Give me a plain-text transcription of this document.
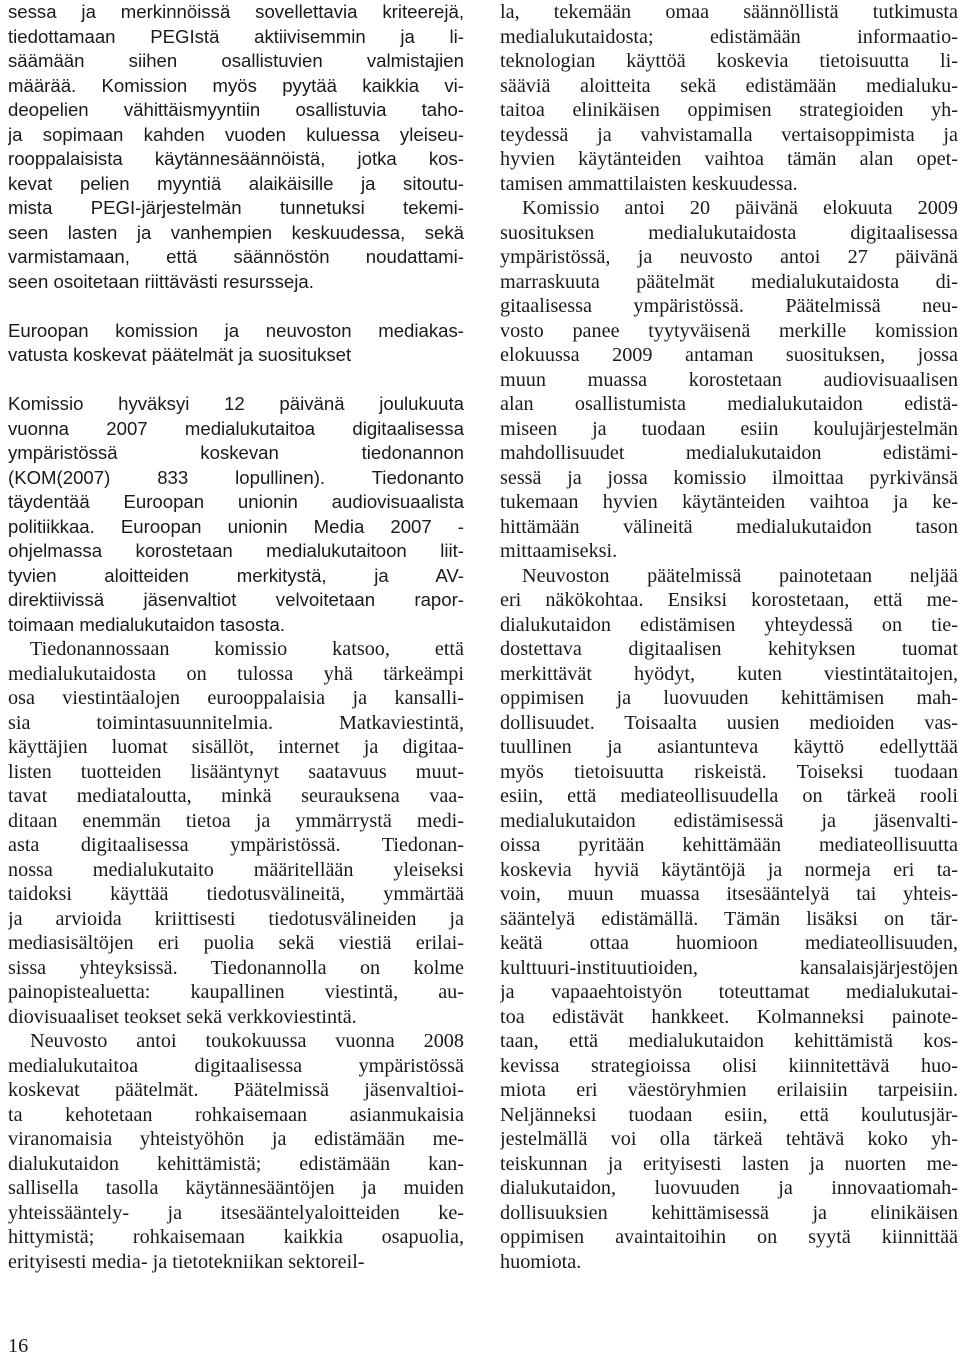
sessa ja merkinnöissä sovellettavia kriteerejä,
tiedottamaan PEGIstä aktiivisemmin ja li-
säämään siihen osallistuvien valmistajien
määrää. Komission myös pyytää kaikkia vi-
deopelien vähittäismyyntiin osallistuvia taho-
ja sopimaan kahden vuoden kuluessa yleiseu-
rooppalaisista käytännesäännöistä, jotka kos-
kevat pelien myyntiä alaikäisille ja sitoutu-
mista PEGI-järjestelmän tunnetuksi tekemi-
seen lasten ja vanhempien keskuudessa, sekä
varmistamaan, että säännöstön noudattami-
seen osoitetaan riittävästi resursseja.
Euroopan komission ja neuvoston mediakas-
vatusta koskevat päätelmät ja suositukset
Komissio hyväksyi 12 päivänä joulukuuta
vuonna 2007 medialukutaitoa digitaalisessa
ympäristössä koskevan tiedonannon
(KOM(2007) 833 lopullinen). Tiedonanto
täydentää Euroopan unionin audiovisuaalista
politiikkaa. Euroopan unionin Media 2007 -
ohjelmassa korostetaan medialukutaitoon liit-
tyvien aloitteiden merkitystä, ja AV-
direktiivissä jäsenvaltiot velvoitetaan rapor-
toimaan medialukutaidon tasosta.
Tiedonannossaan komissio katsoo, että
medialukutaidosta on tulossa yhä tärkeämpi
osa viestintäalojen eurooppalaisia ja kansalli-
sia toimintasuunnitelmia. Matkaviestintä,
käyttäjien luomat sisällöt, internet ja digitaa-
listen tuotteiden lisääntynyt saatavuus muut-
tavat mediataloutta, minkä seurauksena vaa-
ditaan enemmän tietoa ja ymmärrystä medi-
asta digitaalisessa ympäristössä. Tiedonan-
nossa medialukutaito määritellään yleiseksi
taidoksi käyttää tiedotusvälineitä, ymmärtää
ja arvioida kriittisesti tiedotusvälineiden ja
mediasisältöjen eri puolia sekä viestiä erilai-
sissa yhteyksissä. Tiedonannolla on kolme
painopistealuetta: kaupallinen viestintä, au-
diovisuaaliset teokset sekä verkkoviestintä.
Neuvosto antoi toukokuussa vuonna 2008
medialukutaitoa digitaalisessa ympäristössä
koskevat päätelmät. Päätelmissä jäsenvaltioi-
ta kehotetaan rohkaisemaan asianmukaisia
viranomaisia yhteistyöhön ja edistämään me-
dialukutaidon kehittämistä; edistämään kan-
sallisella tasolla käytännesääntöjen ja muiden
yhteissääntely- ja itsesääntelyaloitteiden ke-
hittymistä; rohkaisemaan kaikkia osapuolia,
erityisesti media- ja tietotekniikan sektoreil-
la, tekemään omaa säännöllistä tutkimusta
medialukutaidosta; edistämään informaatio-
teknologian käyttöä koskevia tietoisuutta li-
sääviä aloitteita sekä edistämään medialuku-
taitoa elinikäisen oppimisen strategioiden yh-
teydessä ja vahvistamalla vertaisoppimista ja
hyvien käytänteiden vaihtoa tämän alan opet-
tamisen ammattilaisten keskuudessa.
Komissio antoi 20 päivänä elokuuta 2009
suosituksen medialukutaidosta digitaalisessa
ympäristössä, ja neuvosto antoi 27 päivänä
marraskuuta päätelmät medialukutaidosta di-
gitaalisessa ympäristössä. Päätelmissä neu-
vosto panee tyytyväisenä merkille komission
elokuussa 2009 antaman suosituksen, jossa
muun muassa korostetaan audiovisuaalisen
alan osallistumista medialukutaidon edistä-
miseen ja tuodaan esiin koulujärjestelmän
mahdollisuudet medialukutaidon edistämi-
sessä ja jossa komissio ilmoittaa pyrkivänsä
tukemaan hyvien käytänteiden vaihtoa ja ke-
hittämään välineitä medialukutaidon tason
mittaamiseksi.
Neuvoston päätelmissä painotetaan neljää
eri näkökohtaa. Ensiksi korostetaan, että me-
dialukutaidon edistämisen yhteydessä on tie-
dostettava digitaalisen kehityksen tuomat
merkittävät hyödyt, kuten viestintätaitojen,
oppimisen ja luovuuden kehittämisen mah-
dollisuudet. Toisaalta uusien medioiden vas-
tuullinen ja asiantunteva käyttö edellyttää
myös tietoisuutta riskeistä. Toiseksi tuodaan
esiin, että mediateollisuudella on tärkeä rooli
medialukutaidon edistämisessä ja jäsenvalti-
oissa pyritään kehittämään mediateollisuutta
koskevia hyviä käytäntöjä ja normeja eri ta-
voin, muun muassa itsesääntelyä tai yhteis-
sääntelyä edistämällä. Tämän lisäksi on tär-
keätä ottaa huomioon mediateollisuuden,
kulttuuri-instituutioiden, kansalaisjärjestöjen
ja vapaaehtoistyön toteuttamat medialukutai-
toa edistävät hankkeet. Kolmanneksi painote-
taan, että medialukutaidon kehittämistä kos-
kevissa strategioissa olisi kiinnitettävä huo-
miota eri väestöryhmien erilaisiin tarpeisiin.
Neljänneksi tuodaan esiin, että koulutusjär-
jestelmällä voi olla tärkeä tehtävä koko yh-
teiskunnan ja erityisesti lasten ja nuorten me-
dialukutaidon, luovuuden ja innovaatiomah-
dollisuuksien kehittämisessä ja elinikäisen
oppimisen avaintaitoihin on syytä kiinnittää
huomiota.
16
